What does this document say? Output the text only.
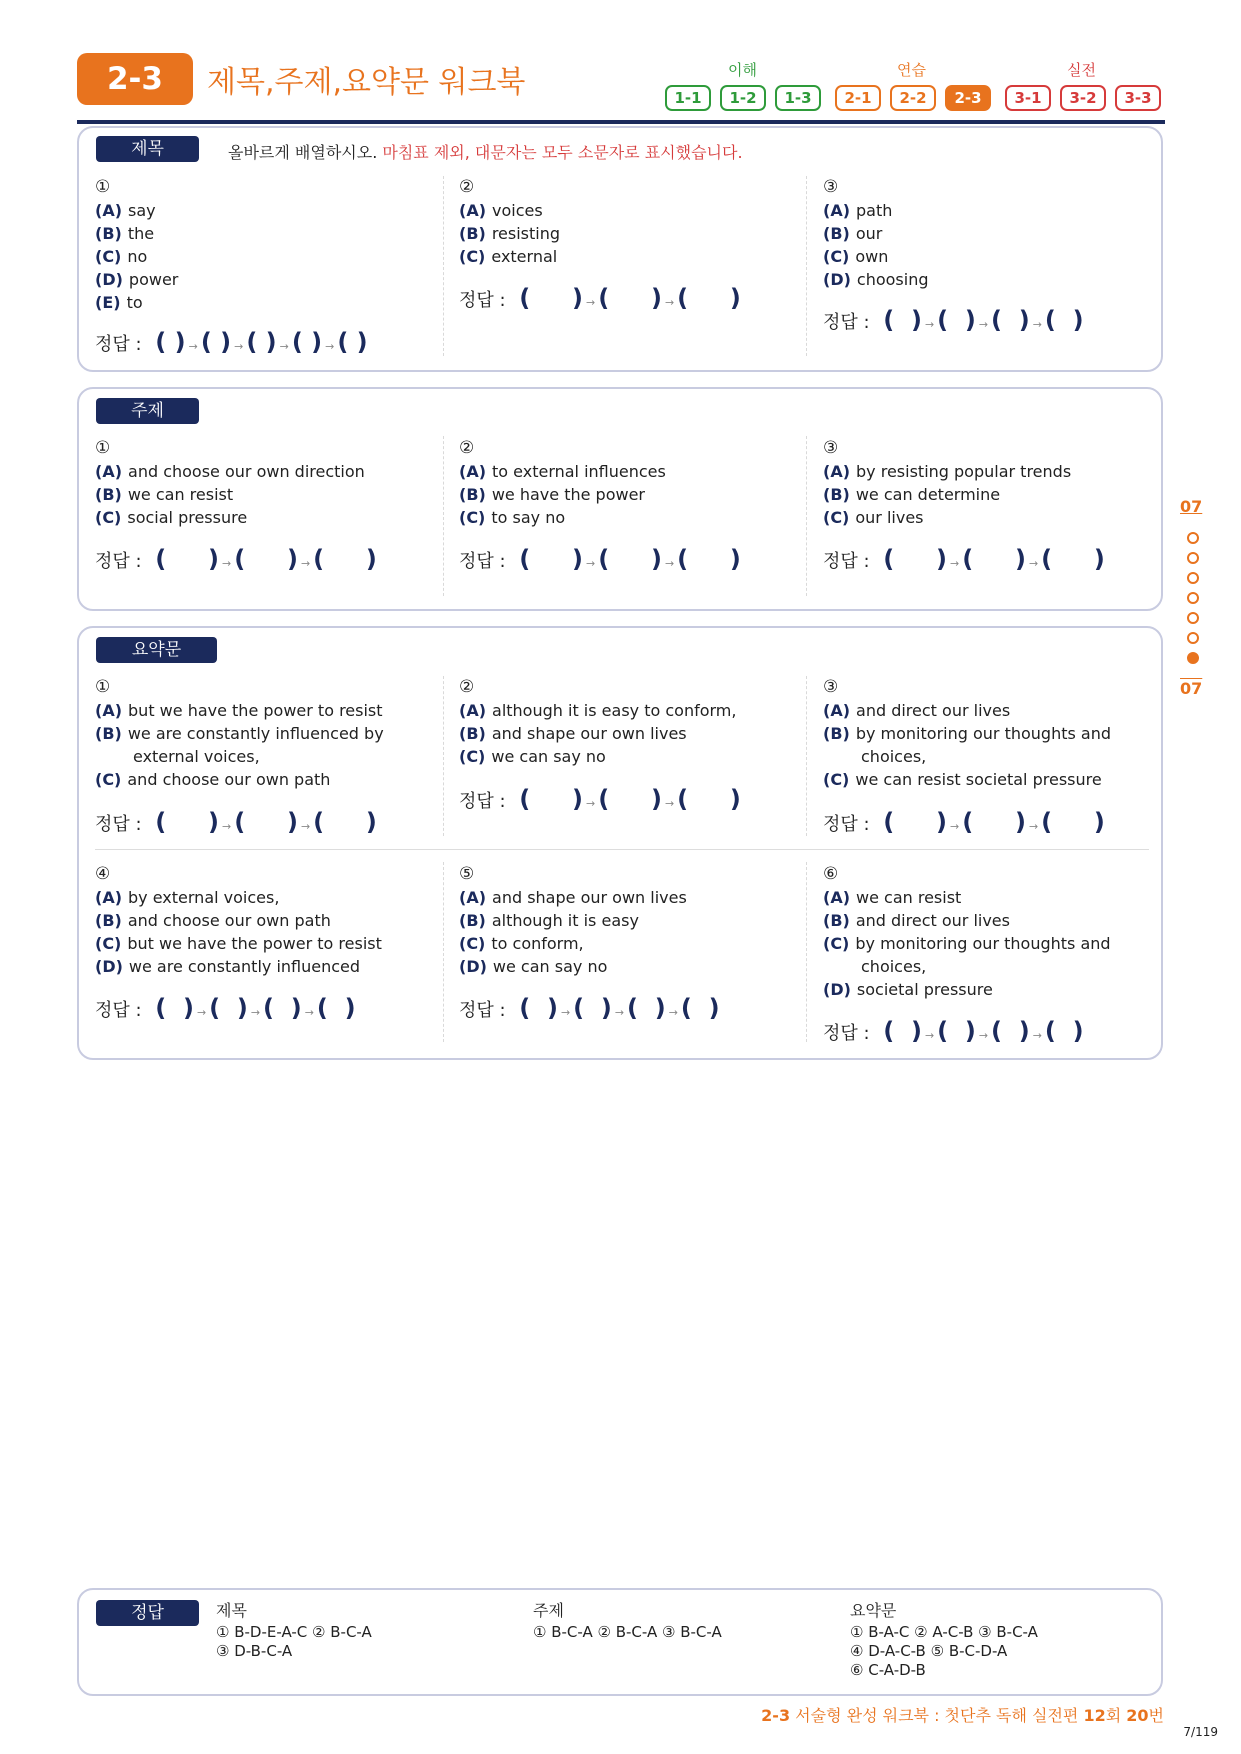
2-3	제목,주제,요약문 워크북	이해	연습	실전
1-1	1-2	1-3	2-1	2-2	2-3	3-1	3-2	3-3
제목	올바르게 배열하시오. 마침표 제외, 대문자는 모두 소문자로 표시했습니다.
①
(A) say
(B) the
(C) no
(D) power
(E) to
정답 : ( ) → ( ) → ( ) → ( ) → ( )
②
(A) voices
(B) resisting
(C) external
정답 : (     ) → (     ) → (     )
③
(A) path
(B) our
(C) own
(D) choosing
정답 : (  ) → (  ) → (  ) → (  )
주제
①
(A) and choose our own direction
(B) we can resist
(C) social pressure
정답 : (     ) → (     ) → (     )
②
(A) to external influences
(B) we have the power
(C) to say no
정답 : (     ) → (     ) → (     )
③
(A) by resisting popular trends
(B) we can determine
(C) our lives
정답 : (     ) → (     ) → (     )
요약문
①
(A) but we have the power to resist
(B) we are constantly influenced by
external voices,
(C) and choose our own path
정답 : (     ) → (     ) → (     )
②
(A) although it is easy to conform,
(B) and shape our own lives
(C) we can say no
정답 : (     ) → (     ) → (     )
③
(A) and direct our lives
(B) by monitoring our thoughts and
choices,
(C) we can resist societal pressure
정답 : (     ) → (     ) → (     )
④
(A) by external voices,
(B) and choose our own path
(C) but we have the power to resist
(D) we are constantly influenced
정답 : (  ) → (  ) → (  ) → (  )
⑤
(A) and shape our own lives
(B) although it is easy
(C) to conform,
(D) we can say no
정답 : (  ) → (  ) → (  ) → (  )
⑥
(A) we can resist
(B) and direct our lives
(C) by monitoring our thoughts and
choices,
(D) societal pressure
정답 : (  ) → (  ) → (  ) → (  )
07
07
정답	제목
① B-D-E-A-C ② B-C-A
③ D-B-C-A
주제
① B-C-A ② B-C-A ③ B-C-A
요약문
① B-A-C ② A-C-B ③ B-C-A
④ D-A-C-B ⑤ B-C-D-A
⑥ C-A-D-B
2-3 서술형 완성 워크북 : 첫단추 독해 실전편 12회 20번
7/119
